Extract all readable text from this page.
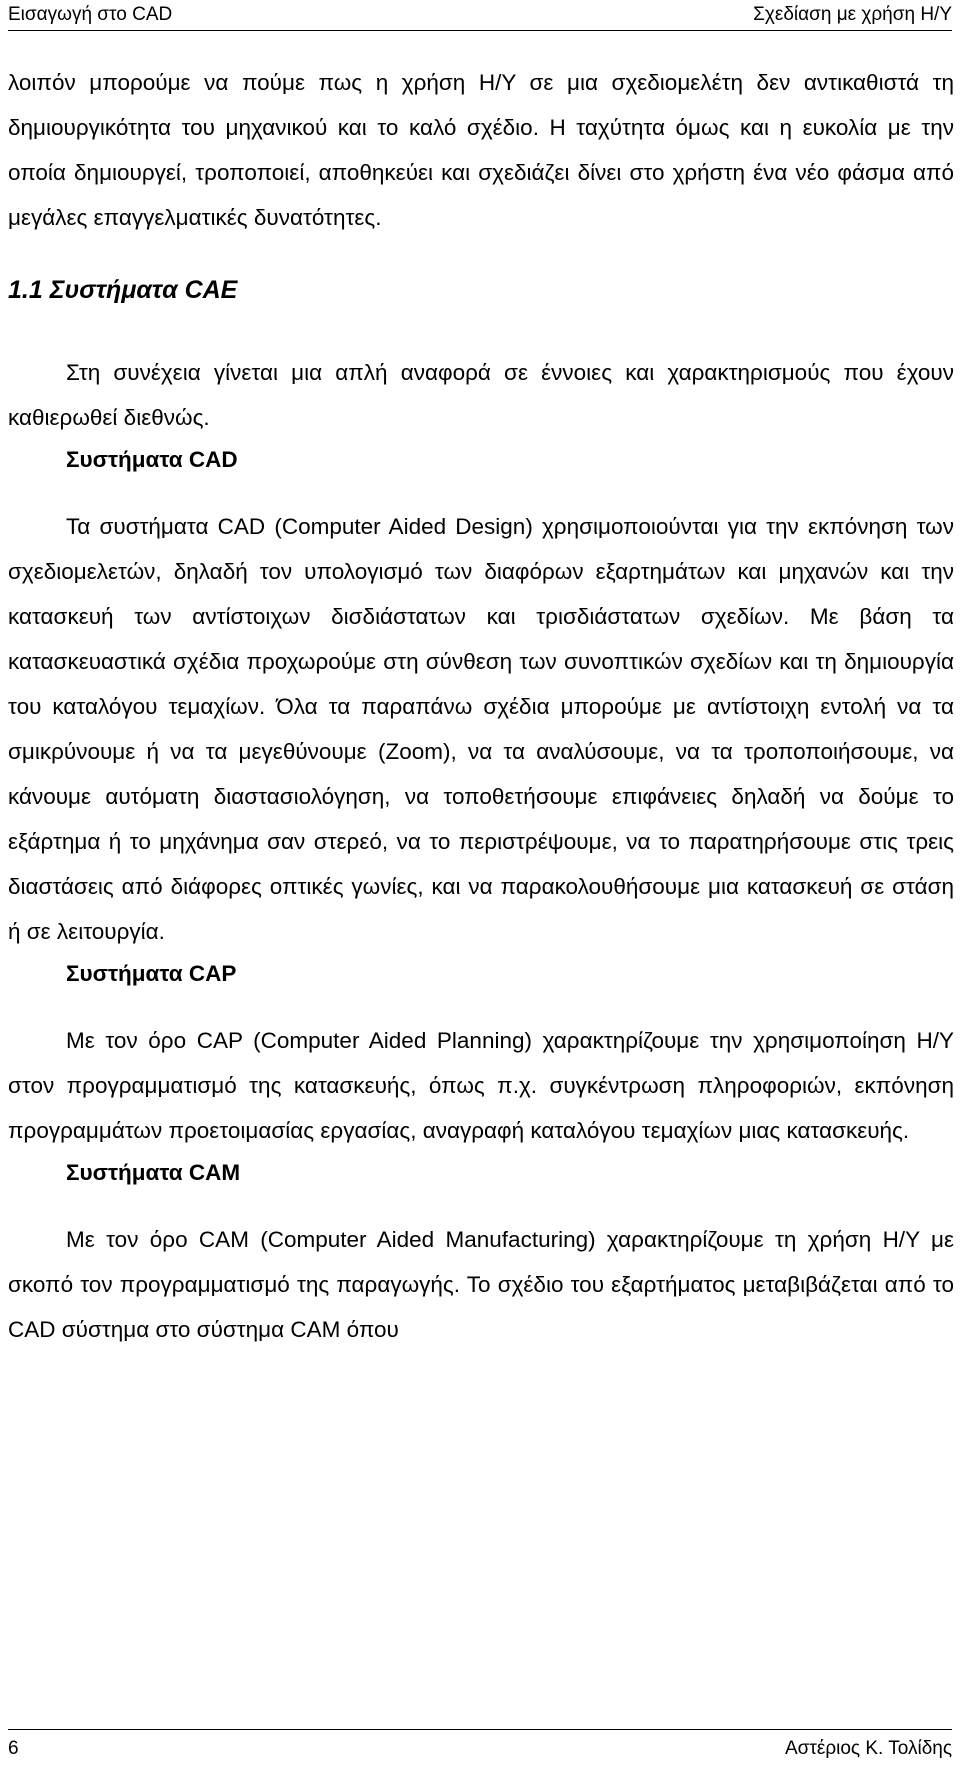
Εισαγωγή στο CAD	Σχεδίαση με χρήση Η/Υ

λοιπόν μπορούμε να πούμε πως η χρήση Η/Υ σε μια σχεδιομελέτη δεν αντικαθιστά τη δημιουργικότητα του μηχανικού και το καλό σχέδιο. Η ταχύτητα όμως και η ευκολία με την οποία δημιουργεί, τροποποιεί, αποθηκεύει και σχεδιάζει δίνει στο χρήστη ένα νέο φάσμα από μεγάλες επαγγελματικές δυνατότητες.

1.1 Συστήματα CAE

Στη συνέχεια γίνεται μια απλή αναφορά σε έννοιες και χαρακτηρισμούς που έχουν καθιερωθεί διεθνώς.

Συστήματα CAD

Τα συστήματα CAD (Computer Aided Design) χρησιμοποιούνται για την εκπόνηση των σχεδιομελετών, δηλαδή τον υπολογισμό των διαφόρων εξαρτημάτων και μηχανών και την κατασκευή των αντίστοιχων δισδιάστατων και τρισδιάστατων σχεδίων. Με βάση τα κατασκευαστικά σχέδια προχωρούμε στη σύνθεση των συνοπτικών σχεδίων και τη δημιουργία του καταλόγου τεμαχίων. Όλα τα παραπάνω σχέδια μπορούμε με αντίστοιχη εντολή να τα σμικρύνουμε ή να τα μεγεθύνουμε (Zoom), να τα αναλύσουμε, να τα τροποποιήσουμε, να κάνουμε αυτόματη διαστασιολόγηση, να τοποθετήσουμε επιφάνειες δηλαδή να δούμε το εξάρτημα ή το μηχάνημα σαν στερεό, να το περιστρέψουμε, να το παρατηρήσουμε στις τρεις διαστάσεις από διάφορες οπτικές γωνίες, και να παρακολουθήσουμε μια κατασκευή σε στάση ή σε λειτουργία.

Συστήματα CAP

Με τον όρο CAP (Computer Aided Planning) χαρακτηρίζουμε την χρησιμοποίηση Η/Υ στον προγραμματισμό της κατασκευής, όπως π.χ. συγκέντρωση πληροφοριών, εκπόνηση προγραμμάτων προετοιμασίας εργασίας, αναγραφή καταλόγου τεμαχίων μιας κατασκευής.

Συστήματα CAM

Με τον όρο CAM (Computer Aided Manufacturing) χαρακτηρίζουμε τη χρήση Η/Υ με σκοπό τον προγραμματισμό της παραγωγής. Το σχέδιο του εξαρτήματος μεταβιβάζεται από το CAD σύστημα στο σύστημα CAM όπου

6	Αστέριος Κ. Τολίδης
